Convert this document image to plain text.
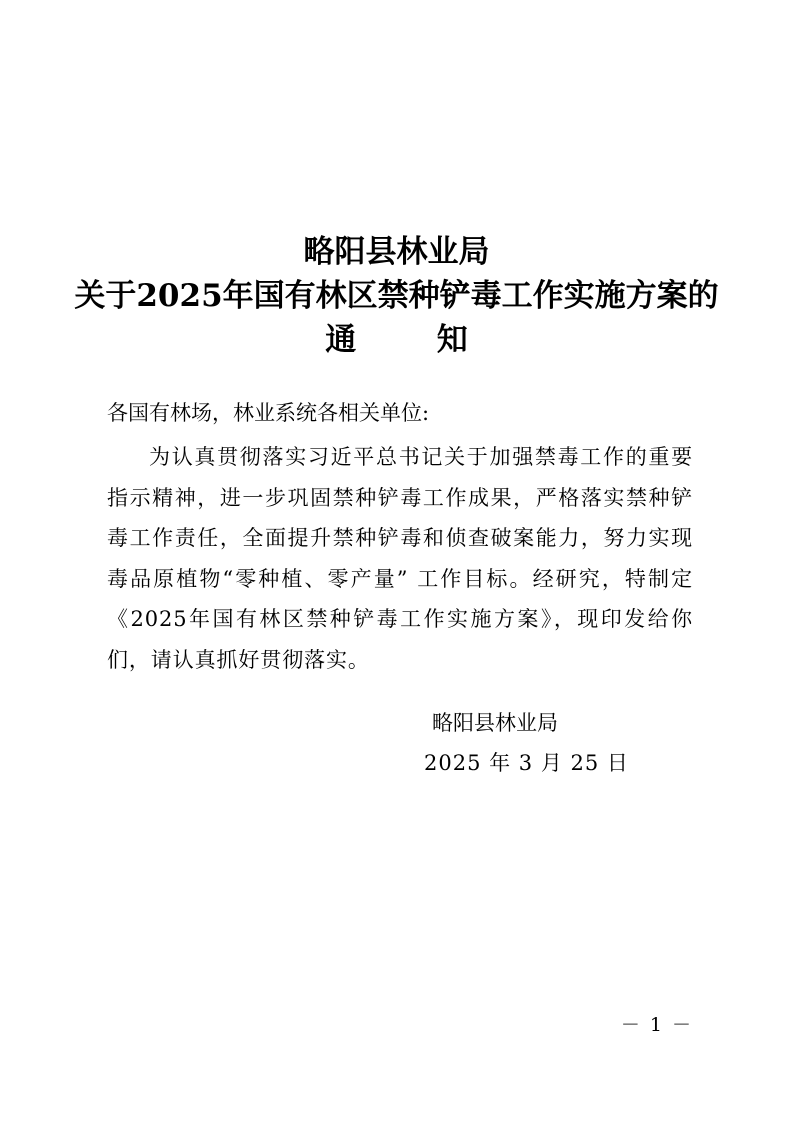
略阳县林业局
关于2025年国有林区禁种铲毒工作实施方案的
通知
各国有林场，林业系统各相关单位:

为认真贯彻落实习近平总书记关于加强禁毒工作的重要指示精神，进一步巩固禁种铲毒工作成果，严格落实禁种铲毒工作责任，全面提升禁种铲毒和侦查破案能力，努力实现毒品原植物“零种植、零产量” 工作目标。经研究，特制定《2025年国有林区禁种铲毒工作实施方案》，现印发给你们，请认真抓好贯彻落实。

略阳县林业局
2025 年 3 月 25 日
－ 1 －
